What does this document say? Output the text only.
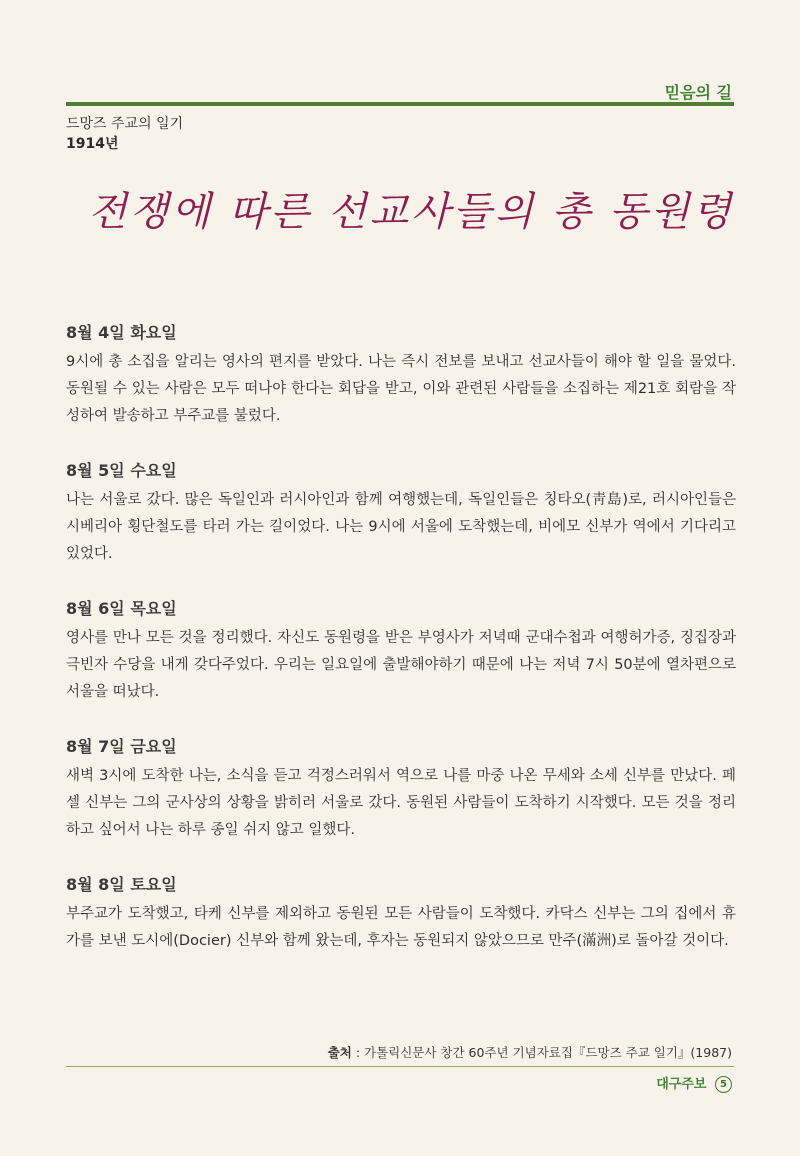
믿음의 길
드망즈 주교의 일기
1914년
전쟁에 따른 선교사들의 총 동원령
8월 4일 화요일

9시에 총 소집을 알리는 영사의 편지를 받았다. 나는 즉시 전보를 보내고 선교사들이 해야 할 일을 물었다. 동원될 수 있는 사람은 모두 떠나야 한다는 회답을 받고, 이와 관련된 사람들을 소집하는 제21호 회람을 작성하여 발송하고 부주교를 불렀다.

8월 5일 수요일

나는 서울로 갔다. 많은 독일인과 러시아인과 함께 여행했는데, 독일인들은 칭타오(靑島)로, 러시아인들은 시베리아 횡단철도를 타러 가는 길이었다. 나는 9시에 서울에 도착했는데, 비에모 신부가 역에서 기다리고 있었다.

8월 6일 목요일

영사를 만나 모든 것을 정리했다. 자신도 동원령을 받은 부영사가 저녁때 군대수첩과 여행허가증, 징집장과 극빈자 수당을 내게 갖다주었다. 우리는 일요일에 출발해야하기 때문에 나는 저녁 7시 50분에 열차편으로 서울을 떠났다.

8월 7일 금요일

새벽 3시에 도착한 나는, 소식을 듣고 걱정스러워서 역으로 나를 마중 나온 무세와 소세 신부를 만났다. 페셀 신부는 그의 군사상의 상황을 밝히러 서울로 갔다. 동원된 사람들이 도착하기 시작했다. 모든 것을 정리하고 싶어서 나는 하루 종일 쉬지 않고 일했다.

8월 8일 토요일

부주교가 도착했고, 타케 신부를 제외하고 동원된 모든 사람들이 도착했다. 카닥스 신부는 그의 집에서 휴가를 보낸 도시에(Docier) 신부와 함께 왔는데, 후자는 동원되지 않았으므로 만주(滿洲)로 돌아갈 것이다.

출처 : 가톨릭신문사 창간 60주년 기념자료집『드망즈 주교 일기』(1987)
대구주보 5
